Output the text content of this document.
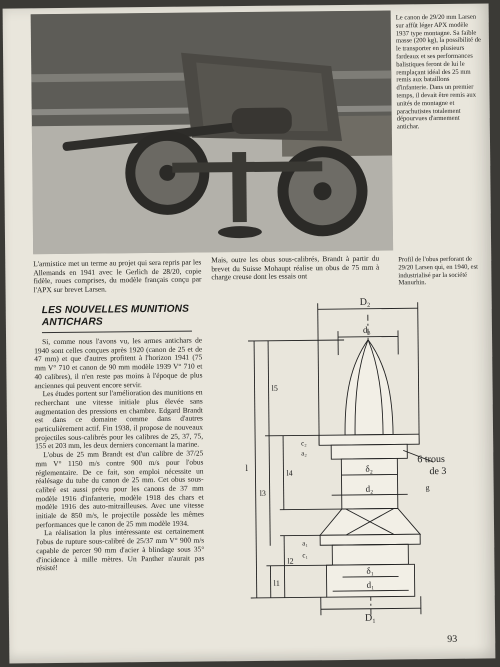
Le canon de 29/20 mm Larsen sur affût léger APX modèle 1937 type montagne. Sa faible masse (200 kg), la possibilité de le transporter en plusieurs fardeaux et ses performances balistiques feront de lui le remplaçant idéal des 25 mm remis aux bataillons d'infanterie. Dans un premier temps, il devait être remis aux unités de montagne et parachutistes totalement dépourvues d'armement antichar.
Profil de l'obus perforant de 29/20 Larsen qui, en 1940, est industrialisé par la société Manurhin.
L'armistice met un terme au projet qui sera repris par les Allemands en 1941 avec le Gerlich de 28/20, copie fidèle, roues comprises, du modèle français conçu par l'APX sur brevet Larsen.
Mais, outre les obus sous-calibrés, Brandt à partir du brevet du Suisse Mohaupt réalise un obus de 75 mm à charge creuse dont les essais ont
LES NOUVELLES MUNITIONS ANTICHARS

Si, comme nous l'avons vu, les armes antichars de 1940 sont celles conçues après 1920 (canon de 25 et de 47 mm) et que d'autres profitent à l'horizon 1941 (75 mm V° 710 et canon de 90 mm modèle 1939 V° 710 et 40 calibres), il n'en reste pas moins à l'époque de plus anciennes qui peuvent encore servir.

Les études portent sur l'amélioration des munitions en recherchant une vitesse initiale plus élevée sans augmentation des pressions en chambre. Edgard Brandt est dans ce domaine comme dans d'autres particulièrement actif. Fin 1938, il propose de nouveaux projectiles sous-calibrés pour les calibres de 25, 37, 75, 155 et 203 mm, les deux derniers concernant la marine.

L'obus de 25 mm Brandt est d'un calibre de 37/25 mm V° 1150 m/s contre 900 m/s pour l'obus réglementaire. De ce fait, son emploi nécessite un réalésage du tube du canon de 25 mm. Cet obus sous-calibré est aussi prévu pour les canons de 37 mm modèle 1916 d'infanterie, modèle 1918 des chars et modèle 1916 des auto-mitrailleuses. Avec une vitesse initiale de 850 m/s, le projectile possède les mêmes performances que le canon de 25 mm modèle 1934.

La réalisation la plus intéressante est certainement l'obus de rupture sous-calibré de 25/37 mm V° 900 m/s capable de percer 90 mm d'acier à blindage sous 35° d'incidence à mille mètres. Un Panther n'aurait pas résisté!

D₂
d₃
δ₂
d₂
δ₁
d₁
D₁
l
l5
l4
l3
l2
l1
c₂
a₂
a₁
c₁
g
6 trous
de 3
93
